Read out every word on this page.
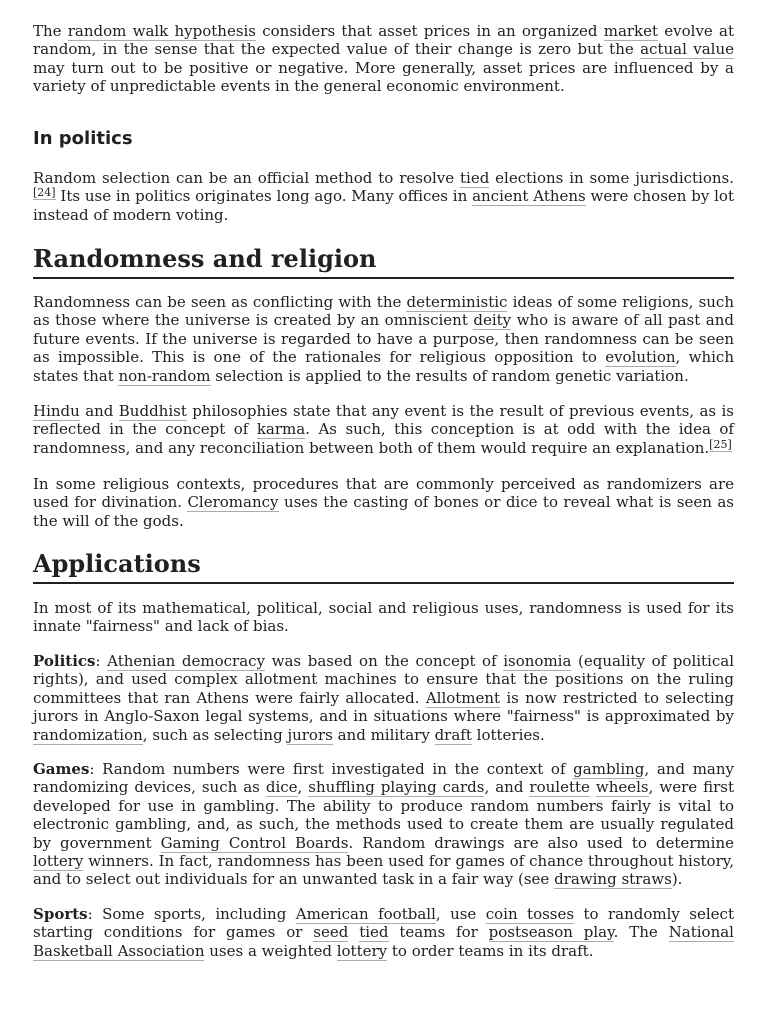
The random walk hypothesis considers that asset prices in an organized market evolve at random, in the sense that the expected value of their change is zero but the actual value may turn out to be positive or negative. More generally, asset prices are influenced by a variety of unpredictable events in the general economic environment.

In politics

Random selection can be an official method to resolve tied elections in some jurisdictions.[24] Its use in politics originates long ago. Many offices in ancient Athens were chosen by lot instead of modern voting.

Randomness and religion

Randomness can be seen as conflicting with the deterministic ideas of some religions, such as those where the universe is created by an omniscient deity who is aware of all past and future events. If the universe is regarded to have a purpose, then randomness can be seen as impossible. This is one of the rationales for religious opposition to evolution, which states that non-random selection is applied to the results of random genetic variation.

Hindu and Buddhist philosophies state that any event is the result of previous events, as is reflected in the concept of karma. As such, this conception is at odd with the idea of randomness, and any reconciliation between both of them would require an explanation.[25]

In some religious contexts, procedures that are commonly perceived as randomizers are used for divination. Cleromancy uses the casting of bones or dice to reveal what is seen as the will of the gods.

Applications

In most of its mathematical, political, social and religious uses, randomness is used for its innate "fairness" and lack of bias.

Politics: Athenian democracy was based on the concept of isonomia (equality of political rights), and used complex allotment machines to ensure that the positions on the ruling committees that ran Athens were fairly allocated. Allotment is now restricted to selecting jurors in Anglo-Saxon legal systems, and in situations where "fairness" is approximated by randomization, such as selecting jurors and military draft lotteries.

Games: Random numbers were first investigated in the context of gambling, and many randomizing devices, such as dice, shuffling playing cards, and roulette wheels, were first developed for use in gambling. The ability to produce random numbers fairly is vital to electronic gambling, and, as such, the methods used to create them are usually regulated by government Gaming Control Boards. Random drawings are also used to determine lottery winners. In fact, randomness has been used for games of chance throughout history, and to select out individuals for an unwanted task in a fair way (see drawing straws).

Sports: Some sports, including American football, use coin tosses to randomly select starting conditions for games or seed tied teams for postseason play. The National Basketball Association uses a weighted lottery to order teams in its draft.
